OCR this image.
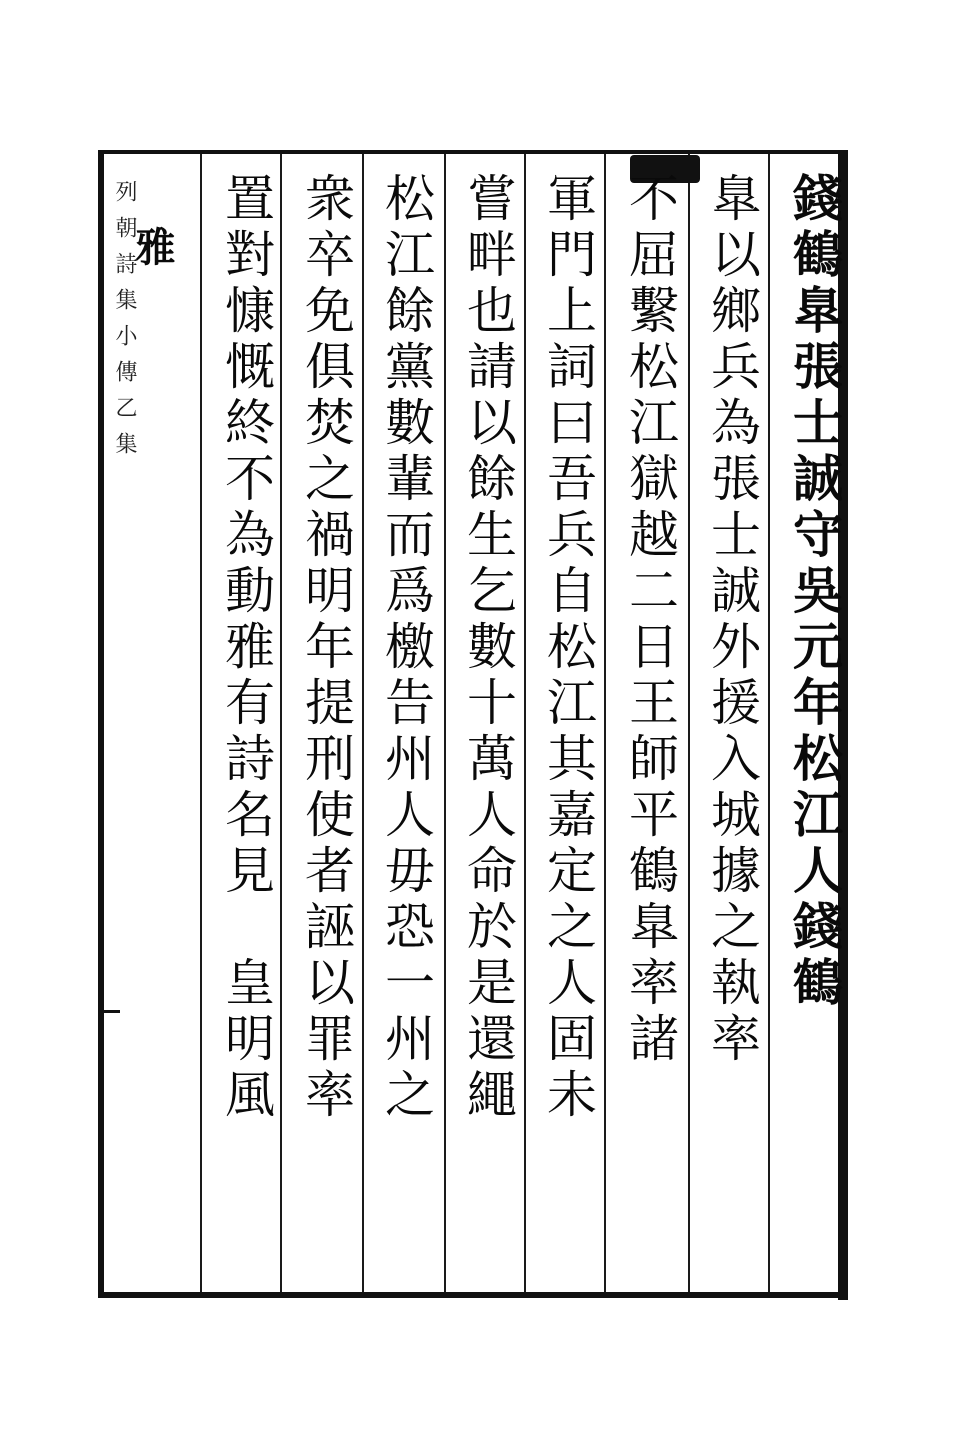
列朝詩集小傳乙集
雅	錢鶴臯張士誠守吳元年松江人錢鶴
臯以鄉兵為張士誠外援入城據之執率
不屈繫松江獄越二日王師平鶴臯率諸
軍門上詞曰吾兵自松江其嘉定之人固未
嘗畔也請以餘生乞數十萬人命於是還繩
松江餘黨數輩而爲檄告州人毋恐一州之
衆卒免俱焚之禍明年提刑使者誣以罪率
置對慷慨終不為動雅有詩名見　皇明風
